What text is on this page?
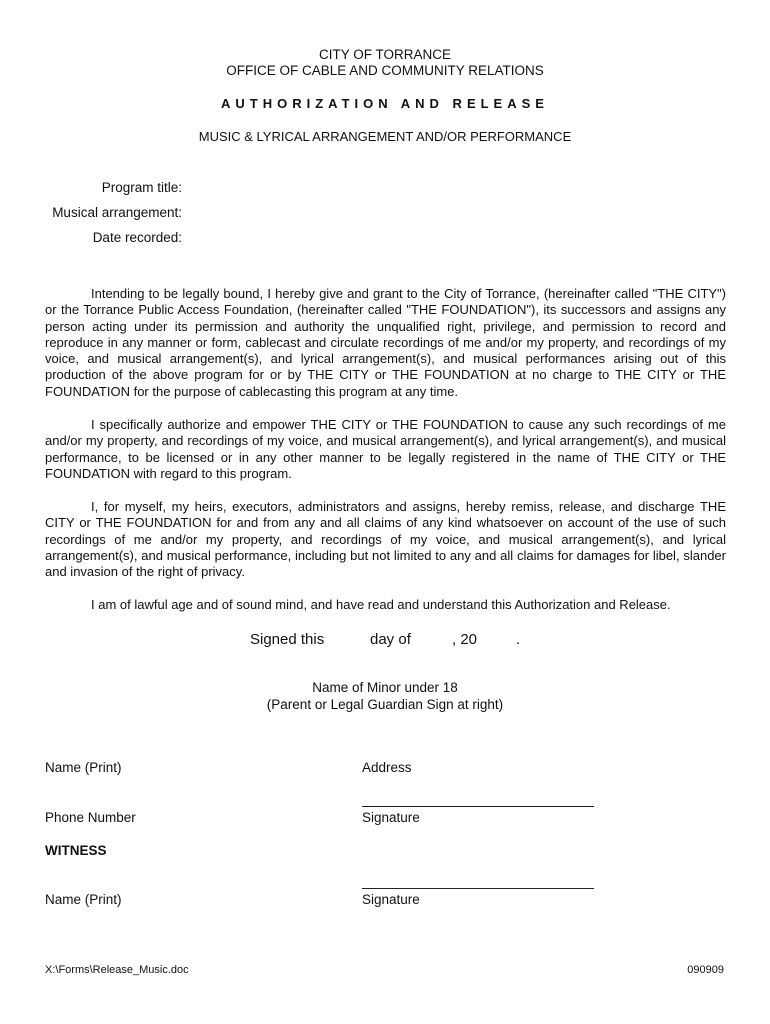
CITY OF TORRANCE
OFFICE OF CABLE AND COMMUNITY RELATIONS
AUTHORIZATION AND RELEASE
MUSIC & LYRICAL ARRANGEMENT AND/OR PERFORMANCE
Program title:
Musical arrangement:
Date recorded:

Intending to be legally bound, I hereby give and grant to the City of Torrance, (hereinafter called "THE CITY") or the Torrance Public Access Foundation, (hereinafter called "THE FOUNDATION"), its successors and assigns any person acting under its permission and authority the unqualified right, privilege, and permission to record and reproduce in any manner or form, cablecast and circulate recordings of me and/or my property, and recordings of my voice, and musical arrangement(s), and lyrical arrangement(s), and musical performances arising out of this production of the above program for or by THE CITY or THE FOUNDATION at no charge to THE CITY or THE FOUNDATION for the purpose of cablecasting this program at any time.

I specifically authorize and empower THE CITY or THE FOUNDATION to cause any such recordings of me and/or my property, and recordings of my voice, and musical arrangement(s), and lyrical arrangement(s), and musical performance, to be licensed or in any other manner to be legally registered in the name of THE CITY or THE FOUNDATION with regard to this program.

I, for myself, my heirs, executors, administrators and assigns, hereby remiss, release, and discharge THE CITY or THE FOUNDATION for and from any and all claims of any kind whatsoever on account of the use of such recordings of me and/or my property, and recordings of my voice, and musical arrangement(s), and lyrical arrangement(s), and musical performance, including but not limited to any and all claims for damages for libel, slander and invasion of the right of privacy.

I am of lawful age and of sound mind, and have read and understand this Authorization and Release.

Signed this	day of	, 20	.
Name of Minor under 18
(Parent or Legal Guardian Sign at right)
Name (Print)	Address
Phone Number	Signature
WITNESS
Name (Print)	Signature
X:\Forms\Release_Music.doc	090909
